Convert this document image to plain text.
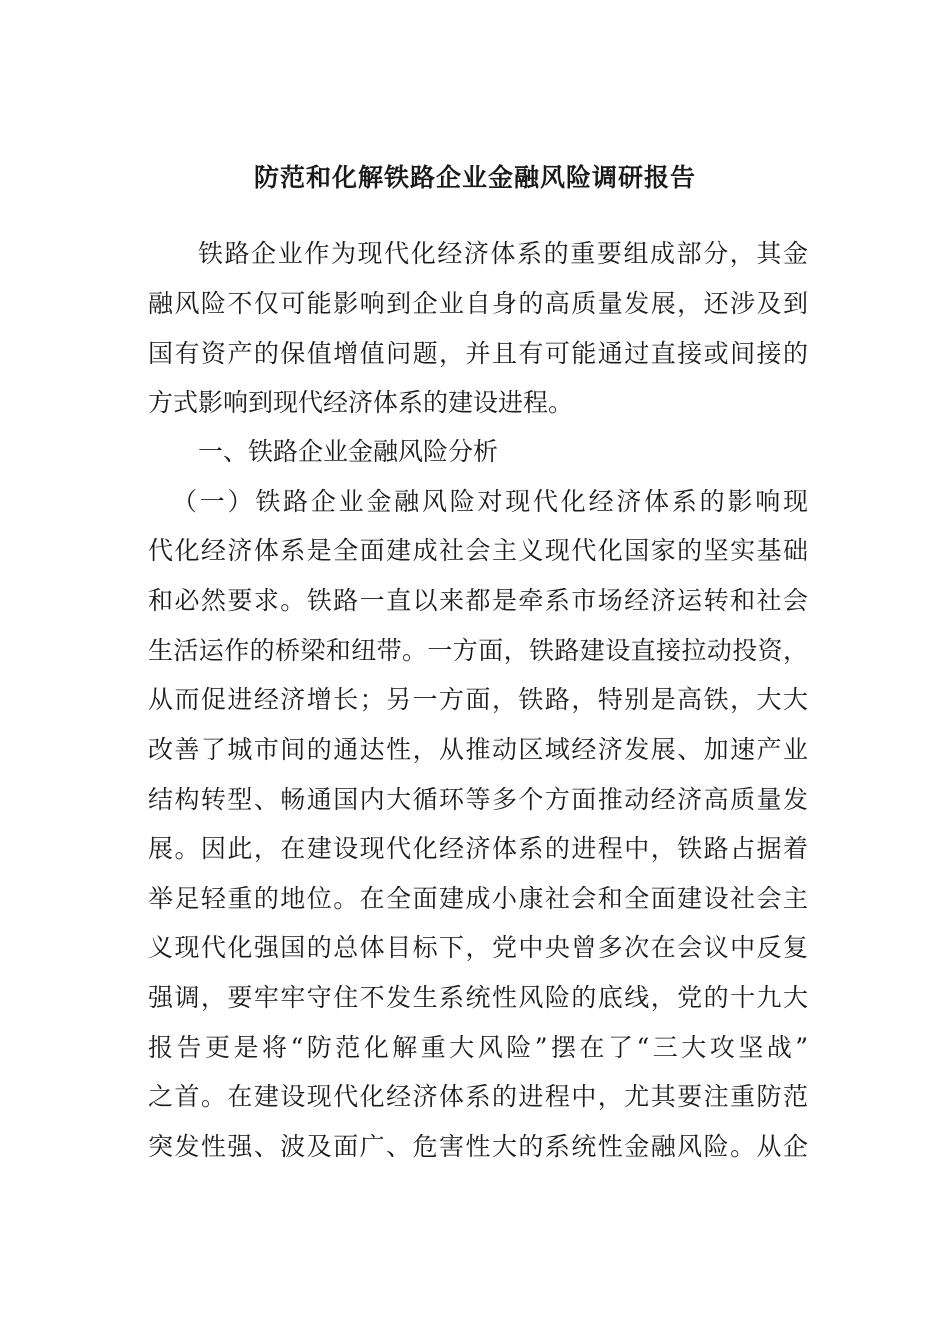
防范和化解铁路企业金融风险调研报告
铁路企业作为现代化经济体系的重要组成部分，其金
融风险不仅可能影响到企业自身的高质量发展，还涉及到
国有资产的保值增值问题，并且有可能通过直接或间接的
方式影响到现代经济体系的建设进程。
一、铁路企业金融风险分析
（一）铁路企业金融风险对现代化经济体系的影响现
代化经济体系是全面建成社会主义现代化国家的坚实基础
和必然要求。铁路一直以来都是牵系市场经济运转和社会
生活运作的桥梁和纽带。一方面，铁路建设直接拉动投资，
从而促进经济增长；另一方面，铁路，特别是高铁，大大
改善了城市间的通达性，从推动区域经济发展、加速产业
结构转型、畅通国内大循环等多个方面推动经济高质量发
展。因此，在建设现代化经济体系的进程中，铁路占据着
举足轻重的地位。在全面建成小康社会和全面建设社会主
义现代化强国的总体目标下，党中央曾多次在会议中反复
强调，要牢牢守住不发生系统性风险的底线，党的十九大
报告更是将“防范化解重大风险”摆在了“三大攻坚战”
之首。在建设现代化经济体系的进程中，尤其要注重防范
突发性强、波及面广、危害性大的系统性金融风险。从企
